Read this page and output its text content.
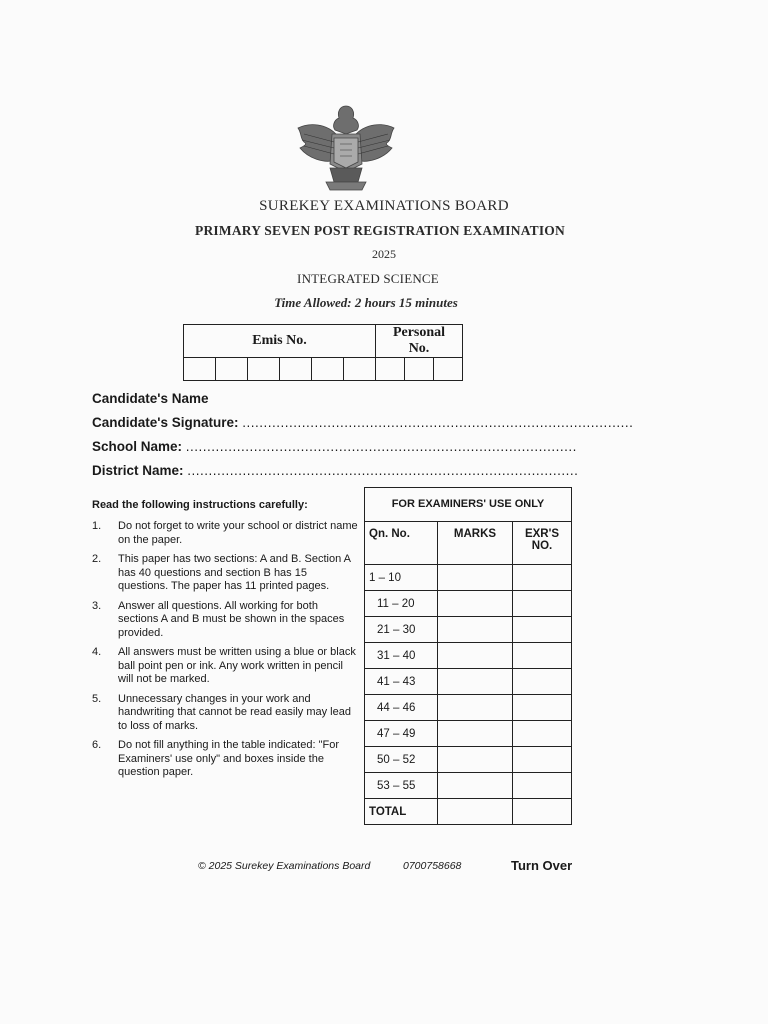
SUREKEY EXAMINATIONS BOARD
PRIMARY SEVEN POST REGISTRATION EXAMINATION
2025
INTEGRATED SCIENCE
Time Allowed: 2 hours 15 minutes
Emis No.						Personal No.		

Candidate's Name
Candidate's Signature: ............................................................................................
School Name: ............................................................................................
District Name: ............................................................................................
Read the following instructions carefully:
1.	Do not forget to write your school or district name on the paper.
2.	This paper has two sections: A and B. Section A has 40 questions and section B has 15 questions. The paper has 11 printed pages.
3.	Answer all questions. All working for both sections A and B must be shown in the spaces provided.
4.	All answers must be written using a blue or black ball point pen or ink. Any work written in pencil will not be marked.
5.	Unnecessary changes in your work and handwriting that cannot be read easily may lead to loss of marks.
6.	Do not fill anything in the table indicated: "For Examiners' use only" and boxes inside the question paper.
FOR EXAMINERS' USE ONLY		
Qn. No.	MARKS	EXR'S NO.
1 – 10		
11 – 20		
21 – 30		
31 – 40		
41 – 43		
44 – 46		
47 – 49		
50 – 52		
53 – 55		
TOTAL		
© 2025 Surekey Examinations Board	0700758668	Turn Over
